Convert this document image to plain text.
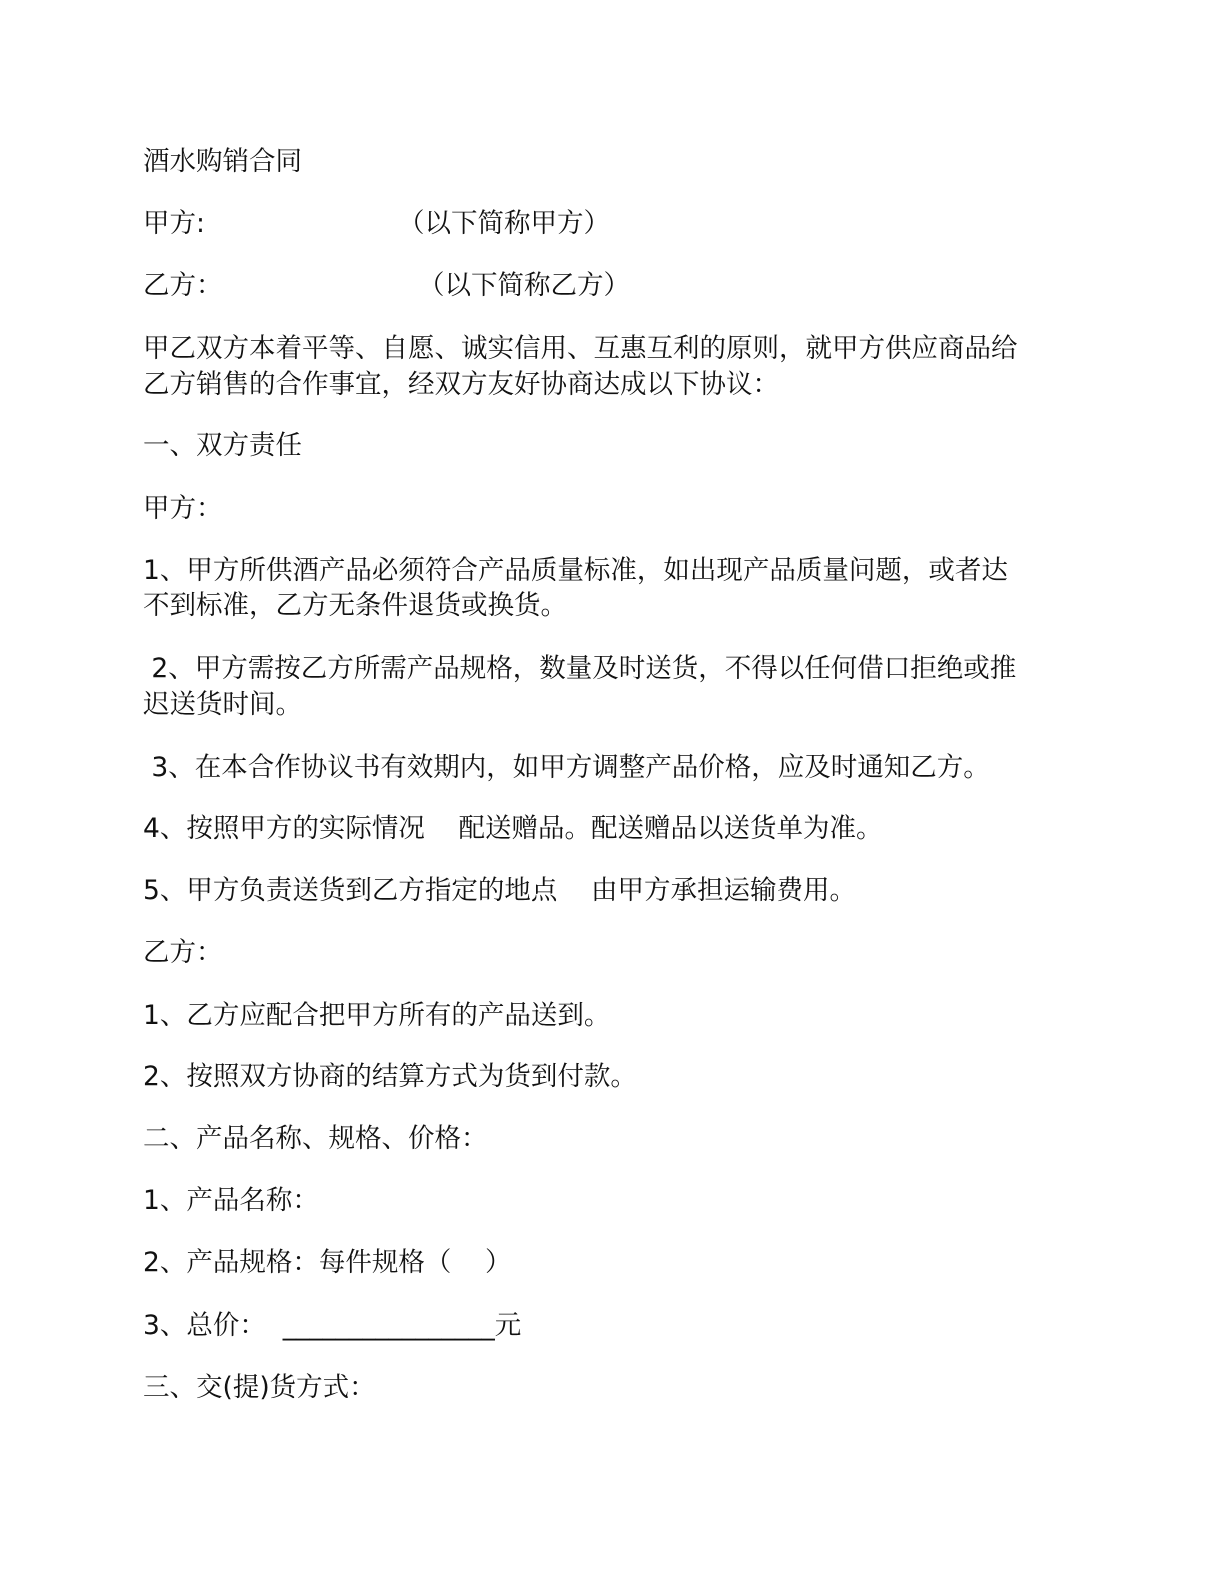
酒水购销合同
甲方:	（以下简称甲方）
乙方：	（以下简称乙方）
甲乙双方本着平等、自愿、诚实信用、互惠互利的原则，就甲方供应商品给
乙方销售的合作事宜，经双方友好协商达成以下协议：
一、双方责任
甲方：
1、甲方所供酒产品必须符合产品质量标准，如出现产品质量问题，或者达
不到标准，乙方无条件退货或换货。
2、甲方需按乙方所需产品规格，数量及时送货，不得以任何借口拒绝或推
迟送货时间。
3、在本合作协议书有效期内，如甲方调整产品价格，应及时通知乙方。
4、按照甲方的实际情况    配送赠品。配送赠品以送货单为准。
5、甲方负责送货到乙方指定的地点    由甲方承担运输费用。
乙方：
1、乙方应配合把甲方所有的产品送到。
2、按照双方协商的结算方式为货到付款。
二、产品名称、规格、价格：
1、产品名称：
2、产品规格：每件规格（    ）
3、总价：  ________________元
三、交(提)货方式：
